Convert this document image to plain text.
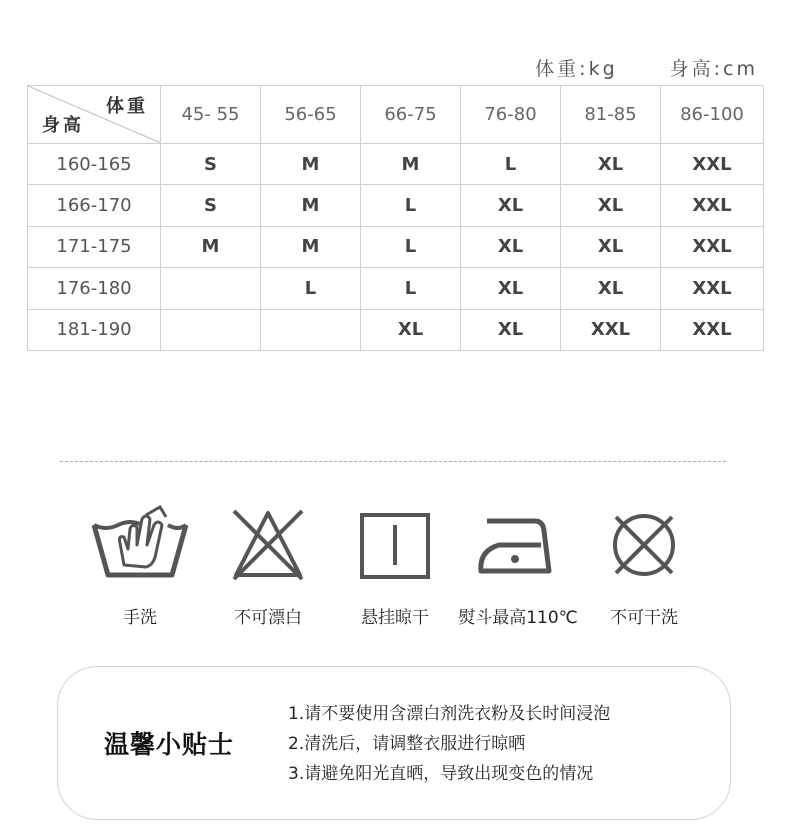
体重:kg	身高:cm
体重
身高	45- 55	56-65	66-75	76-80	81-85	86-100
160-165	S	M	M	L	XL	XXL
166-170	S	M	L	XL	XL	XXL
171-175	M	M	L	XL	XL	XXL
176-180		L	L	XL	XL	XXL
181-190			XL	XL	XXL	XXL
手洗	不可漂白	悬挂晾干	熨斗最高110℃	不可干洗
温馨小贴士
1.请不要使用含漂白剂洗衣粉及长时间浸泡
2.清洗后，请调整衣服进行晾晒
3.请避免阳光直晒，导致出现变色的情况
